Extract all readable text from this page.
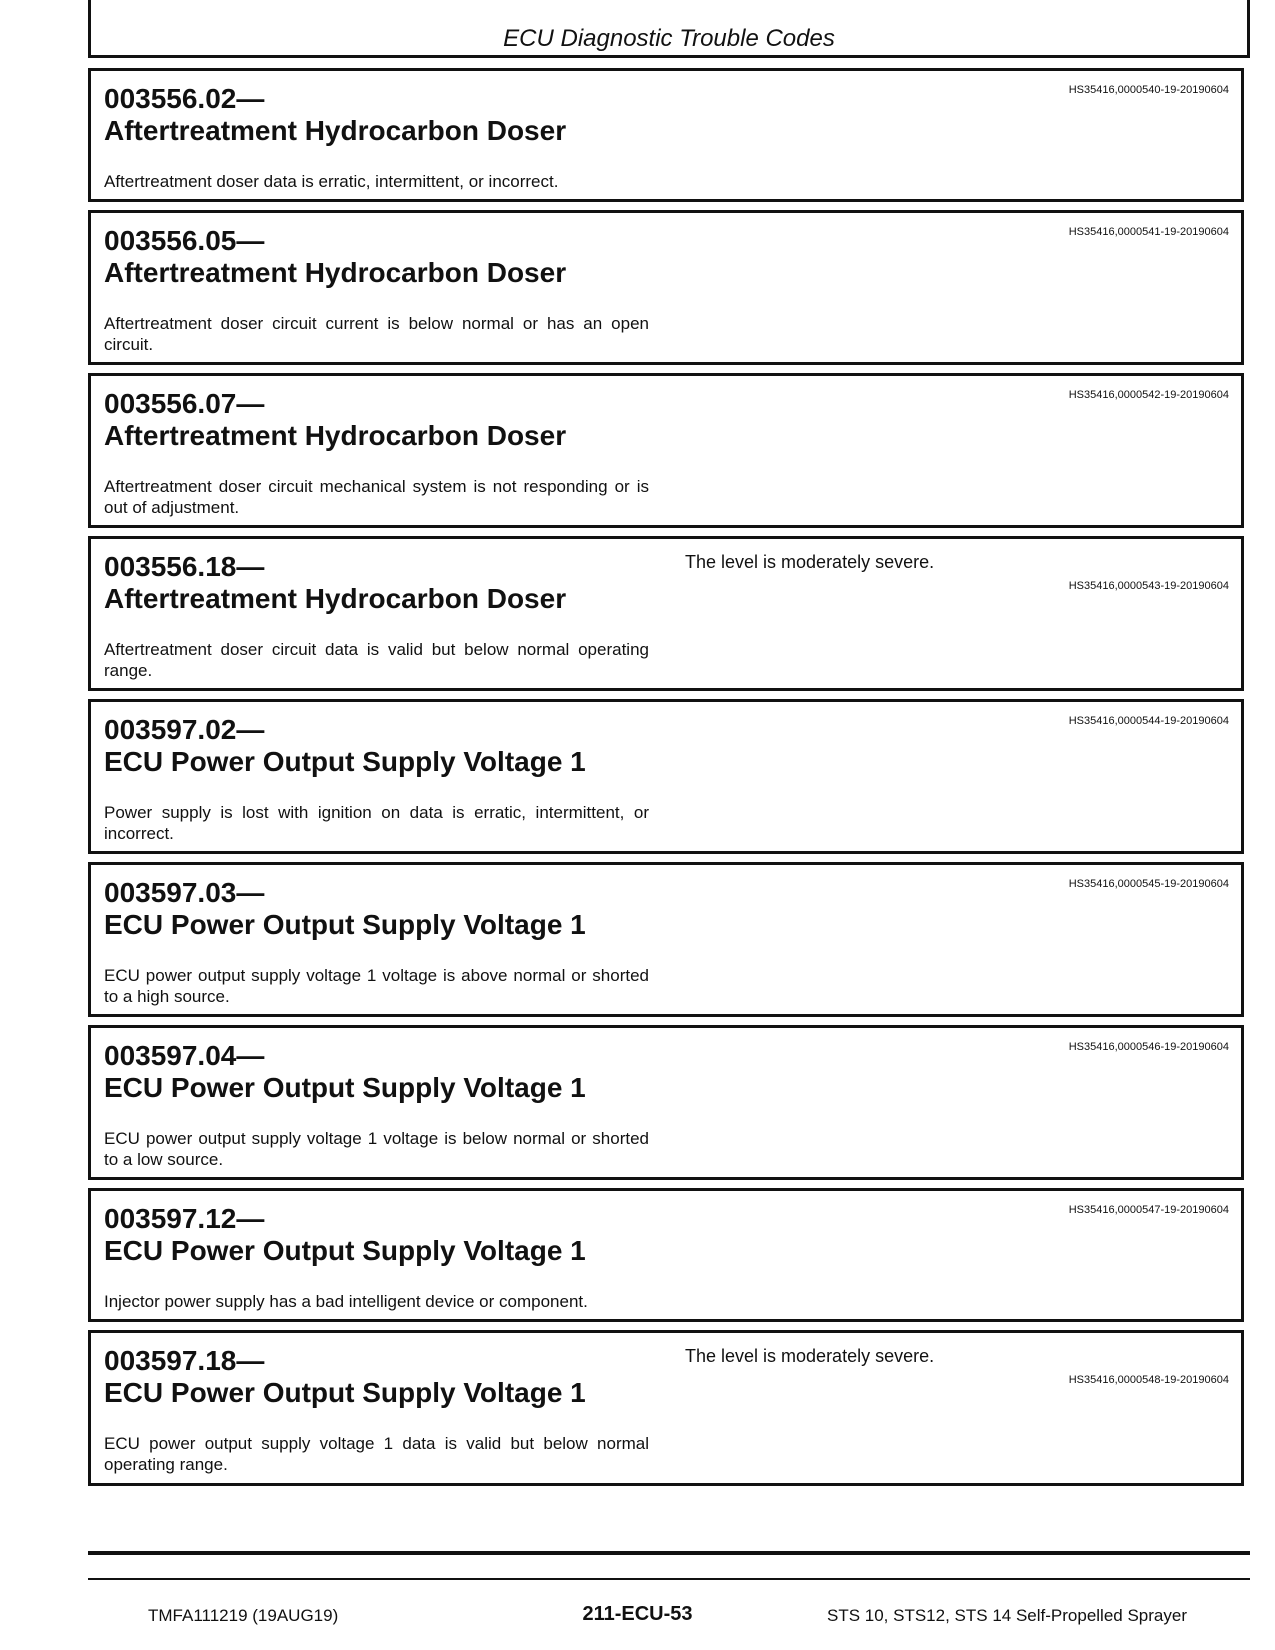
ECU Diagnostic Trouble Codes
003556.02—
Aftertreatment Hydrocarbon Doser
HS35416,0000540-19-20190604
Aftertreatment doser data is erratic, intermittent, or incorrect.
003556.05—
Aftertreatment Hydrocarbon Doser
HS35416,0000541-19-20190604
Aftertreatment doser circuit current is below normal or has an open circuit.
003556.07—
Aftertreatment Hydrocarbon Doser
HS35416,0000542-19-20190604
Aftertreatment doser circuit mechanical system is not responding or is out of adjustment.
003556.18—
Aftertreatment Hydrocarbon Doser
The level is moderately severe.
HS35416,0000543-19-20190604
Aftertreatment doser circuit data is valid but below normal operating range.
003597.02—
ECU Power Output Supply Voltage 1
HS35416,0000544-19-20190604
Power supply is lost with ignition on data is erratic, intermittent, or incorrect.
003597.03—
ECU Power Output Supply Voltage 1
HS35416,0000545-19-20190604
ECU power output supply voltage 1 voltage is above normal or shorted to a high source.
003597.04—
ECU Power Output Supply Voltage 1
HS35416,0000546-19-20190604
ECU power output supply voltage 1 voltage is below normal or shorted to a low source.
003597.12—
ECU Power Output Supply Voltage 1
HS35416,0000547-19-20190604
Injector power supply has a bad intelligent device or component.
003597.18—
ECU Power Output Supply Voltage 1
The level is moderately severe.
HS35416,0000548-19-20190604
ECU power output supply voltage 1 data is valid but below normal operating range.
TMFA111219 (19AUG19)	211-ECU-53	STS 10, STS12, STS 14 Self-Propelled Sprayer
